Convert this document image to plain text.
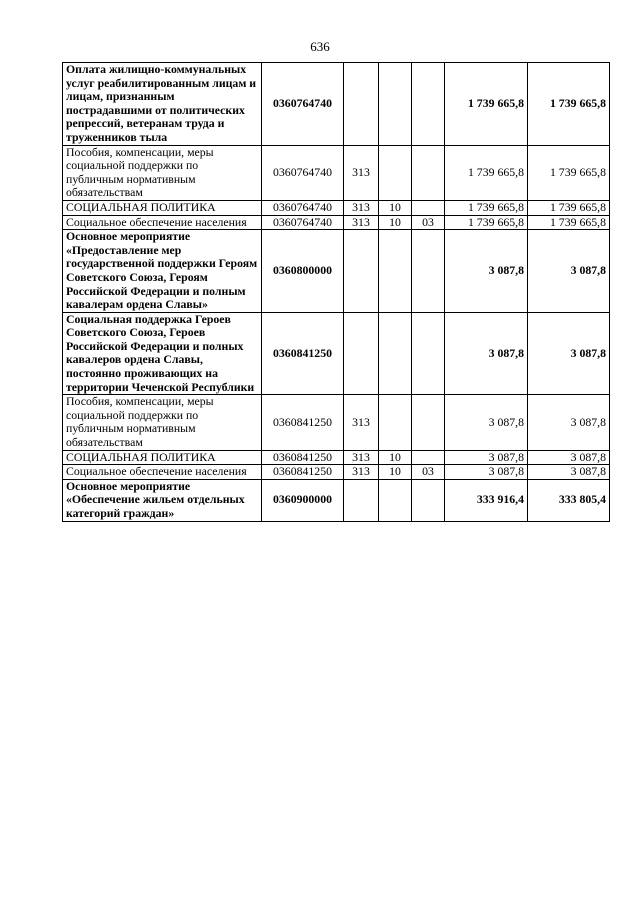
636
Оплата жилищно-коммунальных услуг реабилитированным лицам и лицам, признанным пострадавшими от политических репрессий, ветеранам труда и труженников тыла	0360764740				1 739 665,8	1 739 665,8
Пособия, компенсации, меры социальной поддержки по публичным нормативным обязательствам	0360764740	313			1 739 665,8	1 739 665,8
СОЦИАЛЬНАЯ ПОЛИТИКА	0360764740	313	10		1 739 665,8	1 739 665,8
Социальное обеспечение населения	0360764740	313	10	03	1 739 665,8	1 739 665,8
Основное мероприятие «Предоставление мер государственной поддержки Героям Советского Союза, Героям Российской Федерации и полным кавалерам ордена Славы»	0360800000				3 087,8	3 087,8
Социальная поддержка Героев Советского Союза, Героев Российской Федерации и полных кавалеров ордена Славы, постоянно проживающих на территории Чеченской Республики	0360841250				3 087,8	3 087,8
Пособия, компенсации, меры социальной поддержки по публичным нормативным обязательствам	0360841250	313			3 087,8	3 087,8
СОЦИАЛЬНАЯ ПОЛИТИКА	0360841250	313	10		3 087,8	3 087,8
Социальное обеспечение населения	0360841250	313	10	03	3 087,8	3 087,8
Основное мероприятие «Обеспечение жильем отдельных категорий граждан»	0360900000				333 916,4	333 805,4
